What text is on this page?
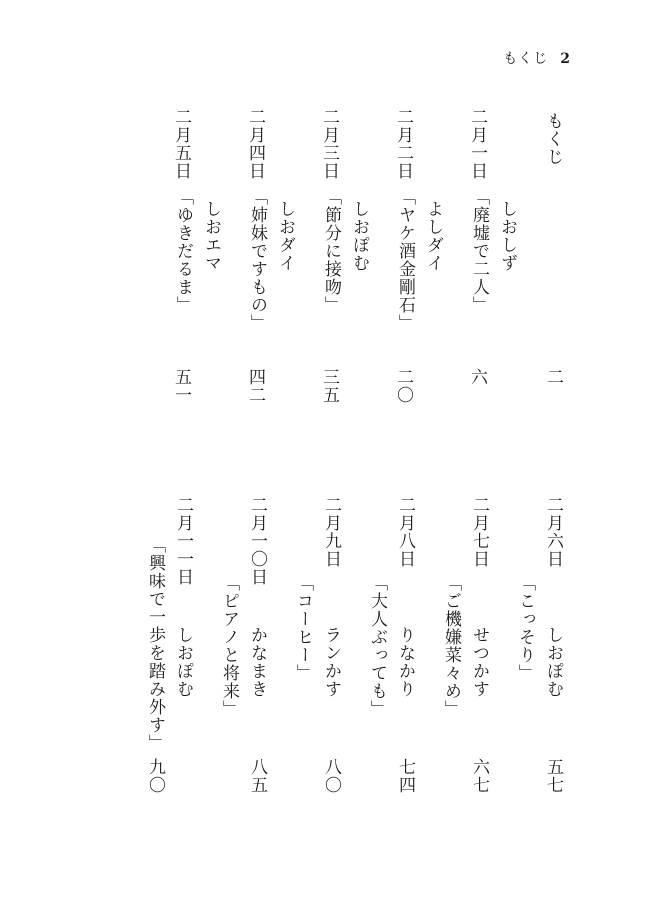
もくじ 2
もくじ
二
二月一日
しおしず
「廃墟で二人」
六
二月二日
よしダイ
「ヤケ酒金剛石」
二〇
二月三日
しおぽむ
「節分に接吻」
三五
二月四日
しおダイ
「姉妹ですもの」
四二
二月五日
しおエマ
「ゆきだるま」
五一
二月六日
しおぽむ
「こっそり」
五七
二月七日
せつかす
「ご機嫌菜々め」
六七
二月八日
りなかり
「大人ぶっても」
七四
二月九日
ランかす
「コーヒー」
八〇
二月一〇日
かなまき
「ピアノと将来」
八五
二月一一日
しおぽむ
「興味で一歩を踏み外す」
九〇
